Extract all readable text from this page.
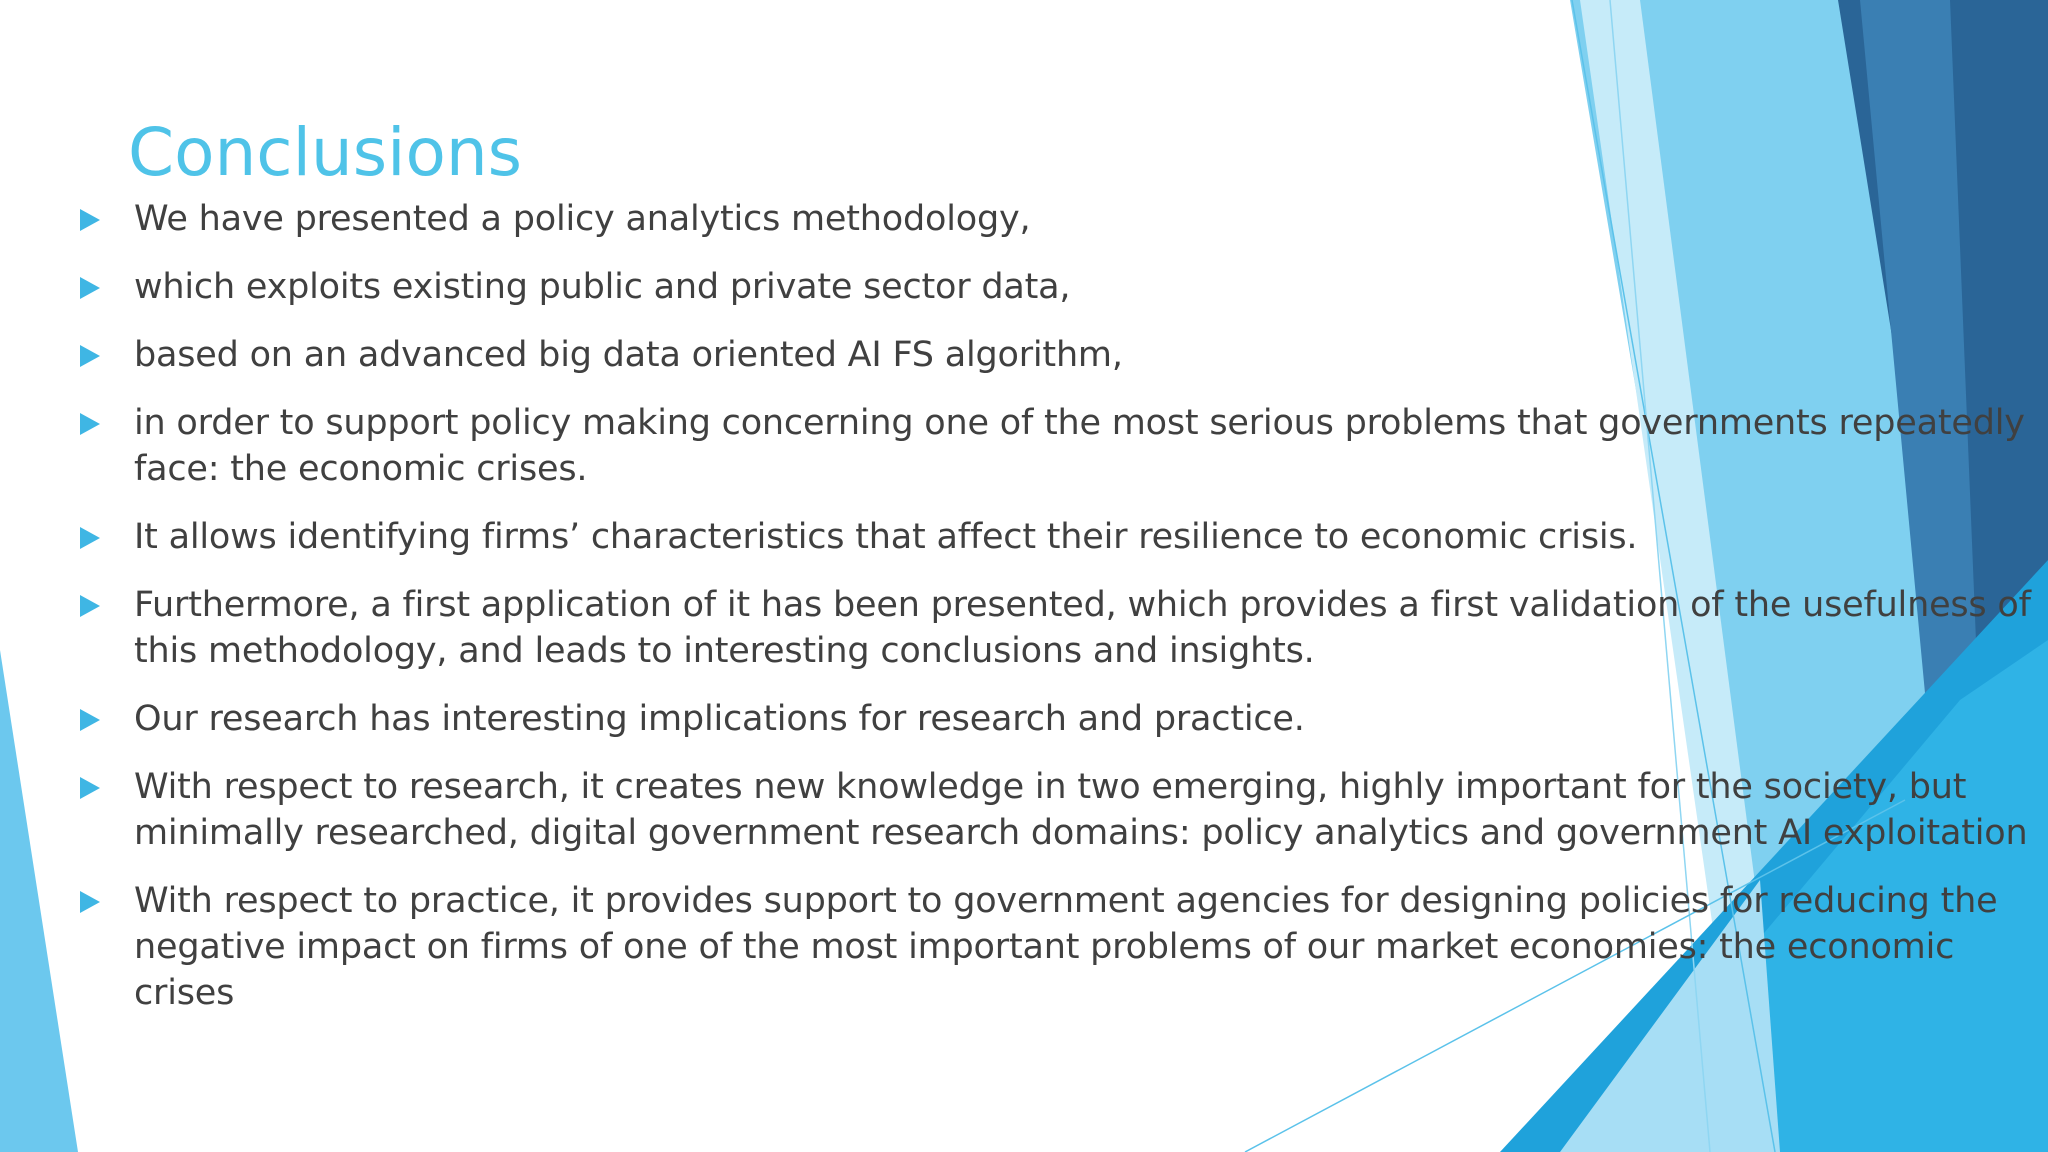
Conclusions
We have presented a policy analytics methodology,
which exploits existing public and private sector data,
based on an advanced big data oriented AI FS algorithm,
in order to support policy making concerning one of the most serious problems that governments repeatedly face: the economic crises.
It allows identifying firms’ characteristics that affect their resilience to economic crisis.
Furthermore, a first application of it has been presented, which provides a first validation of the usefulness of this methodology, and leads to interesting conclusions and insights.
Our research has interesting implications for research and practice.
With respect to research, it creates new knowledge in two emerging, highly important for the society, but minimally researched, digital government research domains: policy analytics and government AI exploitation
With respect to practice, it provides support to government agencies for designing policies for reducing the negative impact on firms of one of the most important problems of our market economies: the economic crises
